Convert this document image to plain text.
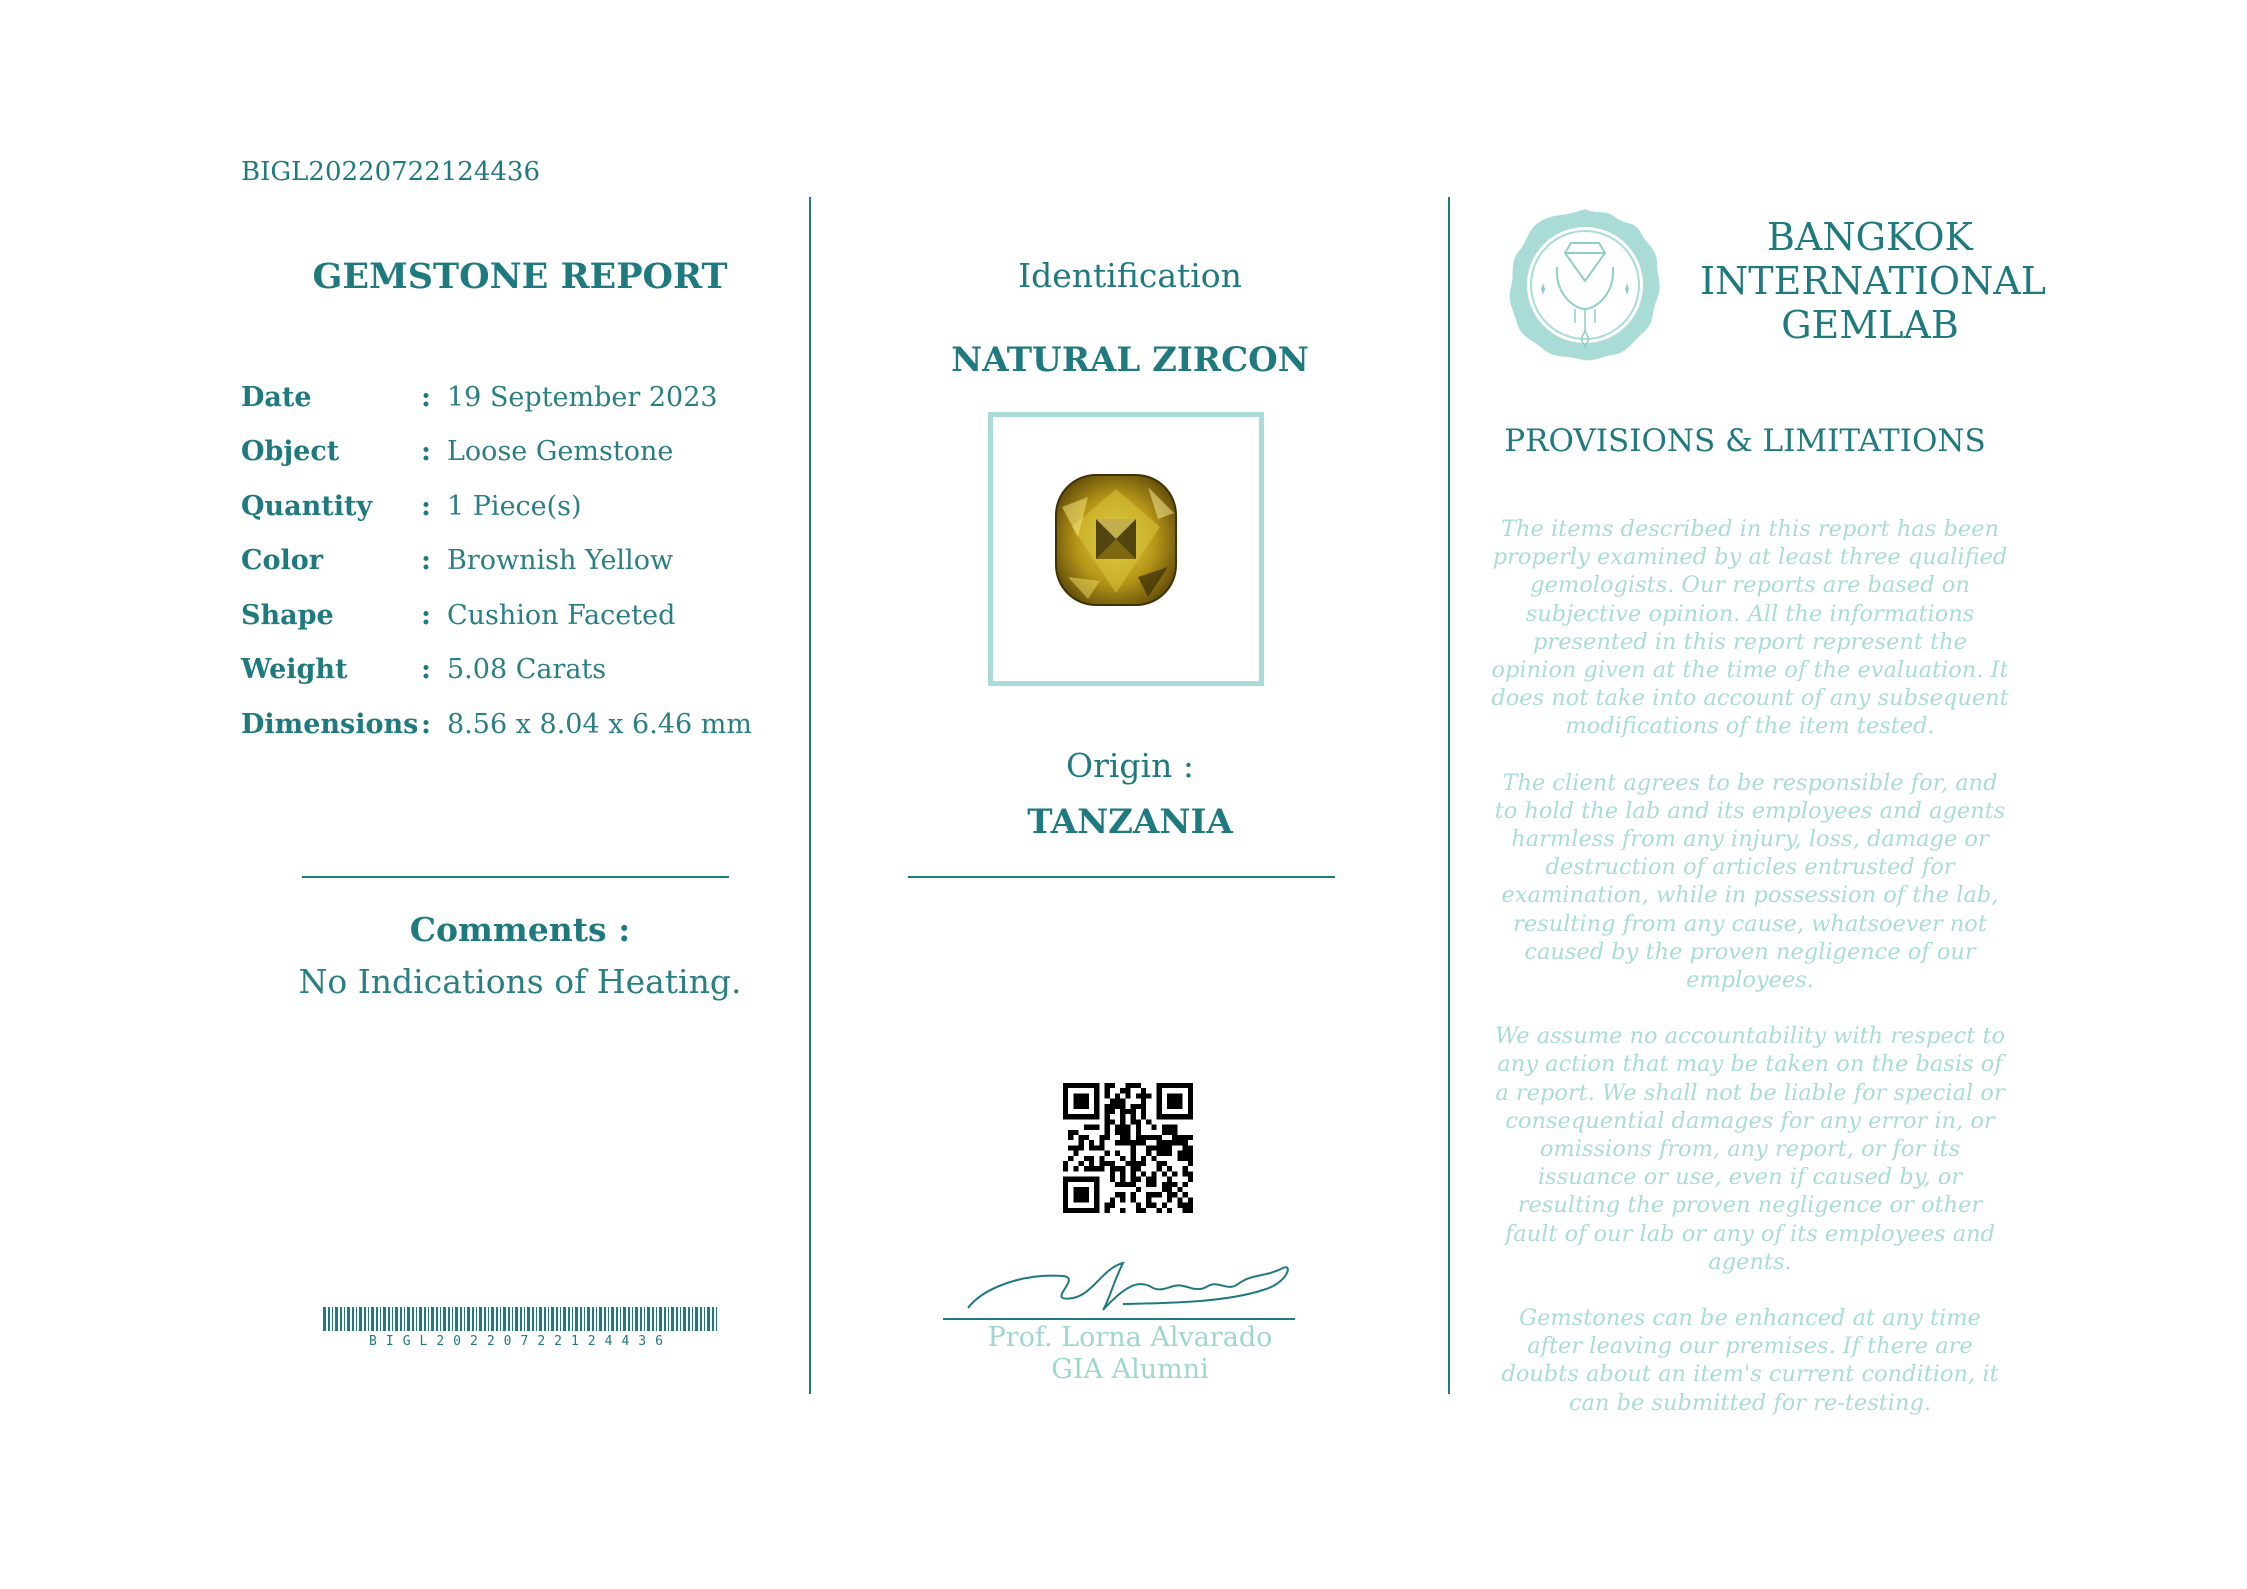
BIGL20220722124436
GEMSTONE REPORT
Date	: 19 September 2023
Object	: Loose Gemstone
Quantity	: 1 Piece(s)
Color	: Brownish Yellow
Shape	: Cushion Faceted
Weight	: 5.08 Carats
Dimensions : 8.56 x 8.04 x 6.46 mm
Comments :
No Indications of Heating.
BIGL20220722124436
Identification
NATURAL ZIRCON
Origin :
TANZANIA
Prof. Lorna Alvarado
GIA Alumni
BANGKOK
INTERNATIONAL
GEMLAB
PROVISIONS & LIMITATIONS

The items described in this report has been properly examined by at least three qualified gemologists. Our reports are based on subjective opinion. All the informations presented in this report represent the opinion given at the time of the evaluation. It does not take into account of any subsequent modifications of the item tested.

The client agrees to be responsible for, and to hold the lab and its employees and agents harmless from any injury, loss, damage or destruction of articles entrusted for examination, while in possession of the lab, resulting from any cause, whatsoever not caused by the proven negligence of our employees.

We assume no accountability with respect to any action that may be taken on the basis of a report. We shall not be liable for special or consequential damages for any error in, or omissions from, any report, or for its issuance or use, even if caused by, or resulting the proven negligence or other fault of our lab or any of its employees and agents.

Gemstones can be enhanced at any time after leaving our premises. If there are doubts about an item's current condition, it can be submitted for re-testing.
